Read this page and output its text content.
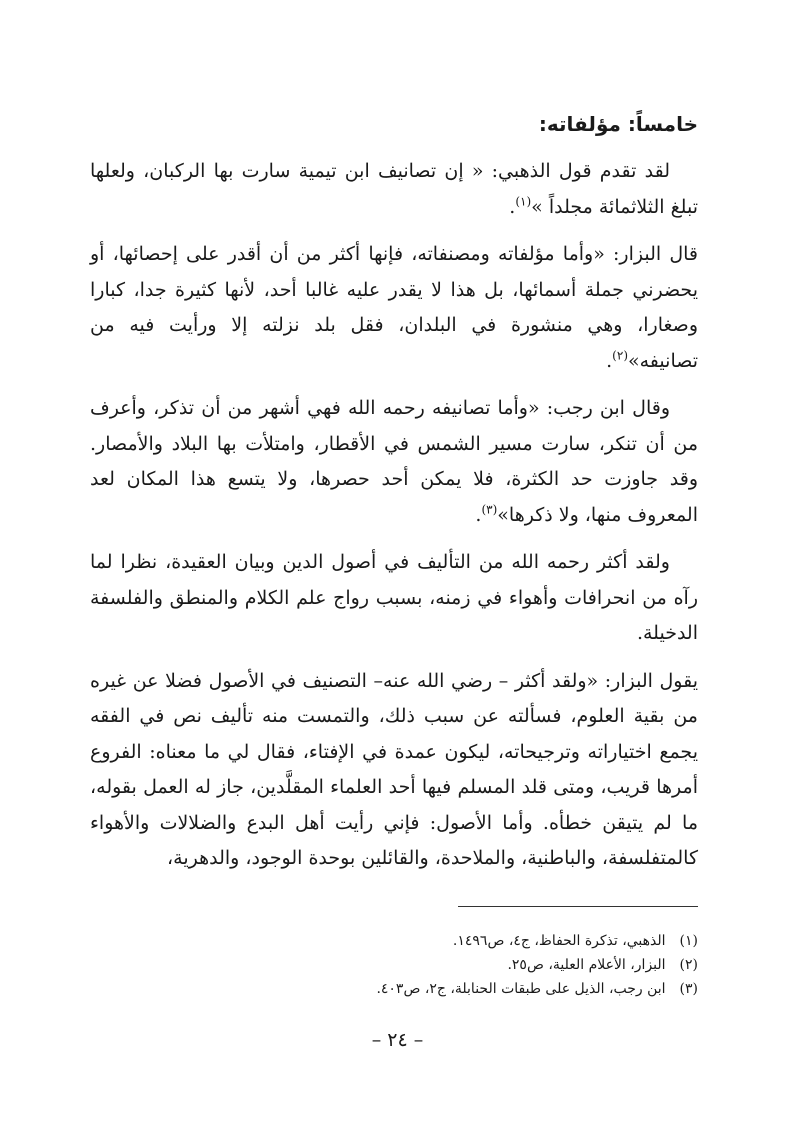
خامساً: مؤلفاته:

لقد تقدم قول الذهبي: « إن تصانيف ابن تيمية سارت بها الركبان، ولعلها تبلغ الثلاثمائة مجلداً »$^{(١)}$.

قال البزار: «وأما مؤلفاته ومصنفاته، فإنها أكثر من أن أقدر على إحصائها، أو يحضرني جملة أسمائها، بل هذا لا يقدر عليه غالبا أحد، لأنها كثيرة جدا، كبارا وصغارا، وهي منشورة في البلدان، فقل بلد نزلته إلا ورأيت فيه من تصانيفه»$^{(٢)}$.

وقال ابن رجب: «وأما تصانيفه رحمه الله فهي أشهر من أن تذكر، وأعرف من أن تنكر، سارت مسير الشمس في الأقطار، وامتلأت بها البلاد والأمصار. وقد جاوزت حد الكثرة، فلا يمكن أحد حصرها، ولا يتسع هذا المكان لعد المعروف منها، ولا ذكرها»$^{(٣)}$.

ولقد أكثر رحمه الله من التأليف في أصول الدين وبيان العقيدة، نظرا لما رآه من انحرافات وأهواء في زمنه، بسبب رواج علم الكلام والمنطق والفلسفة الدخيلة.

يقول البزار: «ولقد أكثر – رضي الله عنه– التصنيف في الأصول فضلا عن غيره من بقية العلوم، فسألته عن سبب ذلك، والتمست منه تأليف نص في الفقه يجمع اختياراته وترجيحاته، ليكون عمدة في الإفتاء، فقال لي ما معناه: الفروع أمرها قريب، ومتى قلد المسلم فيها أحد العلماء المقلَّدين، جاز له العمل بقوله، ما لم يتيقن خطأه. وأما الأصول: فإني رأيت أهل البدع والضلالات والأهواء كالمتفلسفة، والباطنية، والملاحدة، والقائلين بوحدة الوجود، والدهرية،

(١) الذهبي، تذكرة الحفاظ، ج٤، ص١٤٩٦.

(٢) البزار، الأعلام العلية، ص٢٥.

(٣) ابن رجب، الذيل على طبقات الحنابلة، ج٢، ص٤٠٣.

– ٢٤ –
